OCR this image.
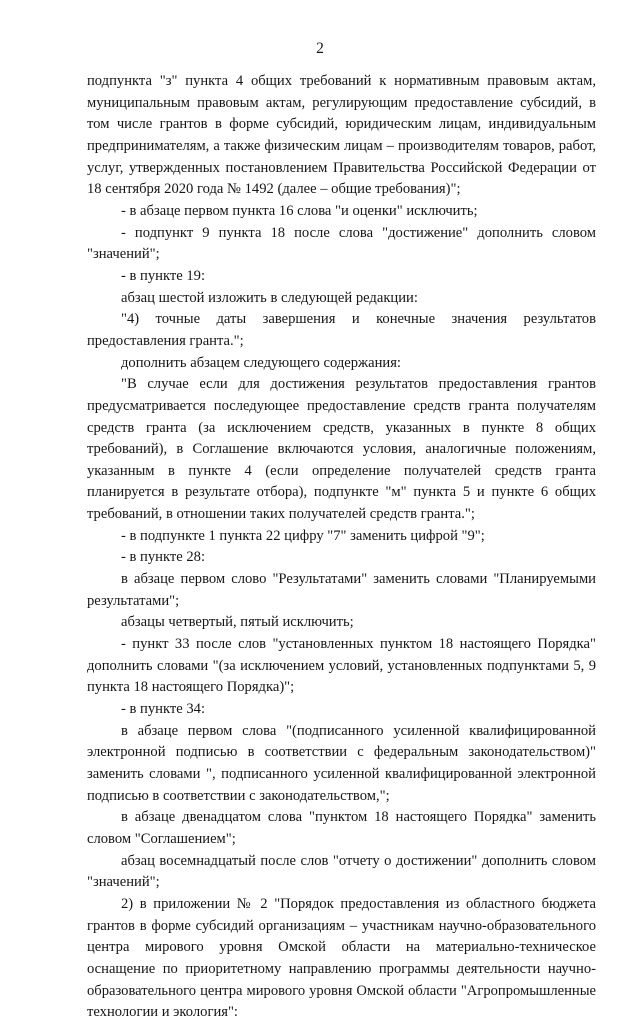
2

подпункта "з" пункта 4 общих требований к нормативным правовым актам, муниципальным правовым актам, регулирующим предоставление субсидий, в том числе грантов в форме субсидий, юридическим лицам, индивидуальным предпринимателям, а также физическим лицам – производителям товаров, работ, услуг, утвержденных постановлением Правительства Российской Федерации от 18 сентября 2020 года № 1492 (далее – общие требования)";

- в абзаце первом пункта 16 слова "и оценки" исключить;

- подпункт 9 пункта 18 после слова "достижение" дополнить словом "значений";

- в пункте 19:

абзац шестой изложить в следующей редакции:

"4) точные даты завершения и конечные значения результатов предоставления гранта.";

дополнить абзацем следующего содержания:

"В случае если для достижения результатов предоставления грантов предусматривается последующее предоставление средств гранта получателям средств гранта (за исключением средств, указанных в пункте 8 общих требований), в Соглашение включаются условия, аналогичные положениям, указанным в пункте 4 (если определение получателей средств гранта планируется в результате отбора), подпункте "м" пункта 5 и пункте 6 общих требований, в отношении таких получателей средств гранта.";

- в подпункте 1 пункта 22 цифру "7" заменить цифрой "9";

- в пункте 28:

в абзаце первом слово "Результатами" заменить словами "Планируемыми результатами";

абзацы четвертый, пятый исключить;

- пункт 33 после слов "установленных пунктом 18 настоящего Порядка" дополнить словами "(за исключением условий, установленных подпунктами 5, 9 пункта 18 настоящего Порядка)";

- в пункте 34:

в абзаце первом слова "(подписанного усиленной квалифицированной электронной подписью в соответствии с федеральным законодательством)" заменить словами ", подписанного усиленной квалифицированной электронной подписью в соответствии с законодательством,";

в абзаце двенадцатом слова "пунктом 18 настоящего Порядка" заменить словом "Соглашением";

абзац восемнадцатый после слов "отчету о достижении" дополнить словом "значений";

2) в приложении № 2 "Порядок предоставления из областного бюджета грантов в форме субсидий организациям – участникам научно-образовательного центра мирового уровня Омской области на материально-техническое оснащение по приоритетному направлению программы деятельности научно-образовательного центра мирового уровня Омской области "Агропромышленные технологии и экология":
